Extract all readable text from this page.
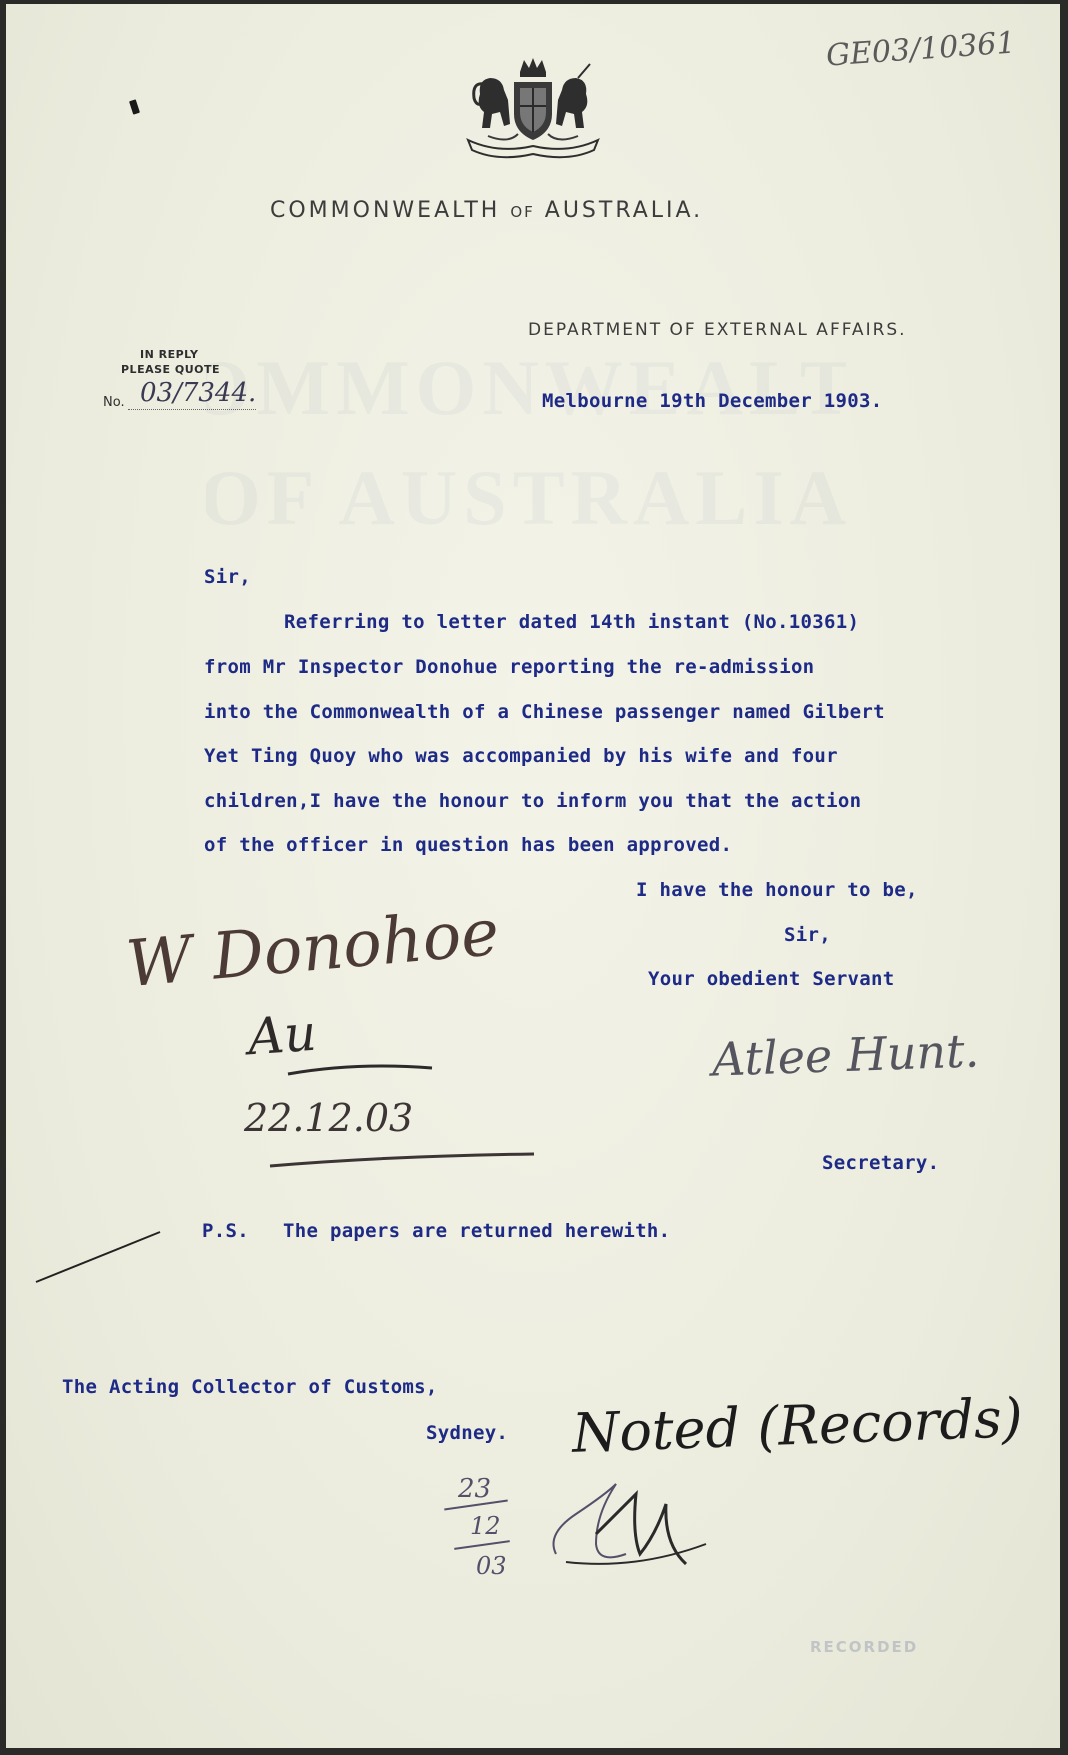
OMMONWEALT
OF AUSTRALIA
GE03/10361
COMMONWEALTH OF AUSTRALIA.
DEPARTMENT OF EXTERNAL AFFAIRS.
IN REPLY
PLEASE QUOTE
No. 03/7344.	Melbourne 19th December 1903.
Sir,
Referring to letter dated 14th instant (No.10361)
from Mr Inspector Donohue reporting the re-admission
into the Commonwealth of a Chinese passenger named Gilbert
Yet Ting Quoy who was accompanied by his wife and four
children,I have the honour to inform you that the action
of the officer in question has been approved.
I have the honour to be,
Sir,
Your obedient Servant
Atlee Hunt.
Secretary.
W Donohoe
Au
22.12.03
P.S. The papers are returned herewith.
The Acting Collector of Customs,
Sydney. Noted (Records)
23
12
03
RECORDED
